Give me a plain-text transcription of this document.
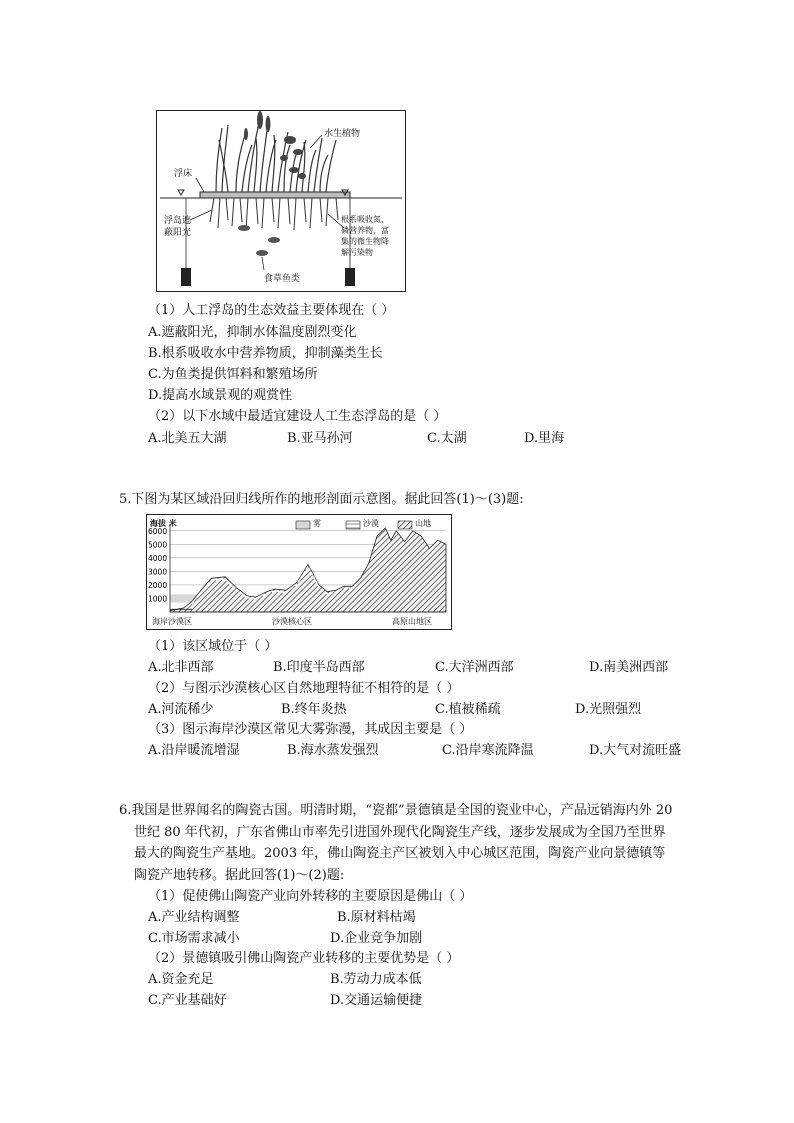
水生植物
浮床
浮岛遮
蔽阳光
根系吸收氮、
磷营养物，富
集的微生物降
解污染物
食草鱼类
（1）人工浮岛的生态效益主要体现在（ ）
A.遮蔽阳光，抑制水体温度剧烈变化
B.根系吸收水中营养物质，抑制藻类生长
C.为鱼类提供饵料和繁殖场所
D.提高水域景观的观赏性
（2）以下水域中最适宜建设人工生态浮岛的是（ ）
A.北美五大湖	B.亚马孙河	C.太湖	D.里海
5.下图为某区域沿回归线所作的地形剖面示意图。据此回答(1)～(3)题:
6000
5000
4000
3000
2000
1000
海拔 米	雾	沙漠	山地
海岸沙漠区	沙漠核心区	高原山地区
（1）该区域位于（ ）
A.北非西部	B.印度半岛西部	C.大洋洲西部	D.南美洲西部
（2）与图示沙漠核心区自然地理特征不相符的是（ ）
A.河流稀少	B.终年炎热	C.植被稀疏	D.光照强烈
（3）图示海岸沙漠区常见大雾弥漫，其成因主要是（ ）
A.沿岸暖流增湿	B.海水蒸发强烈	C.沿岸寒流降温	D.大气对流旺盛
6.我国是世界闻名的陶瓷古国。明清时期，“瓷都”景德镇是全国的瓷业中心，产品远销海内外 20
世纪 80 年代初，广东省佛山市率先引进国外现代化陶瓷生产线，逐步发展成为全国乃至世界
最大的陶瓷生产基地。2003 年，佛山陶瓷主产区被划入中心城区范围，陶瓷产业向景德镇等
陶瓷产地转移。据此回答(1)～(2)题:
（1）促使佛山陶瓷产业向外转移的主要原因是佛山（ ）
A.产业结构调整	B.原材料枯竭
C.市场需求减小	D.企业竞争加剧
（2）景德镇吸引佛山陶瓷产业转移的主要优势是（ ）
A.资金充足	B.劳动力成本低
C.产业基础好	D.交通运输便捷
